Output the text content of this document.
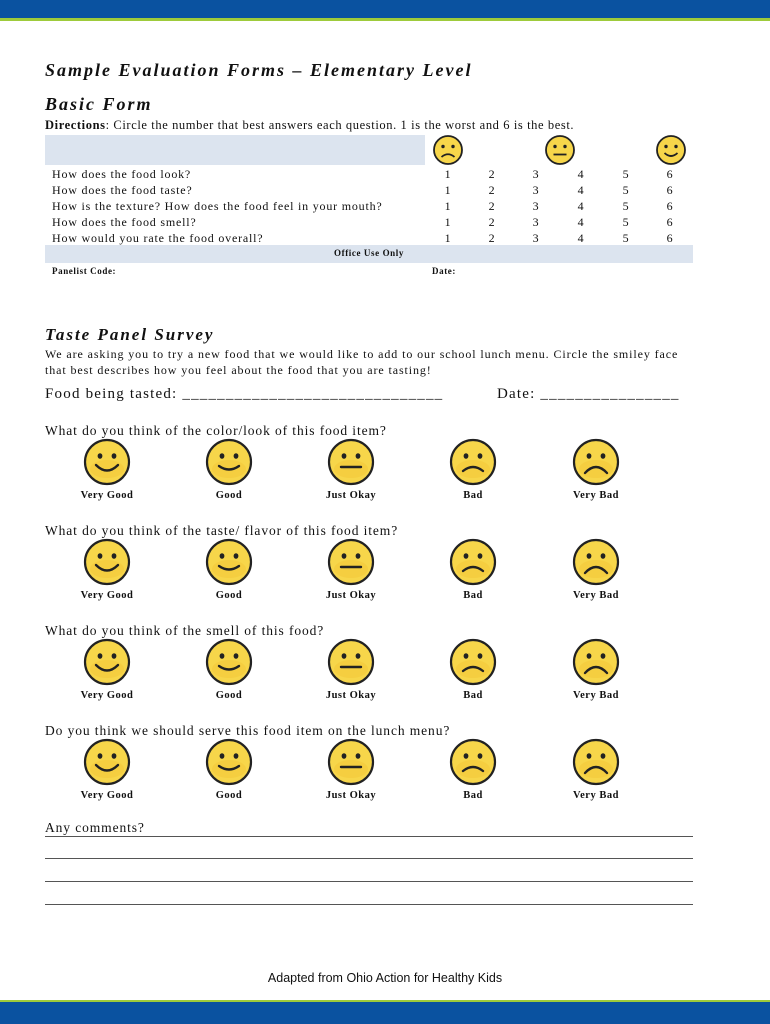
Sample Evaluation Forms – Elementary Level
Basic Form
Directions: Circle the number that best answers each question. 1 is the worst and 6 is the best.
How does the food look?	1	2	3	4	5	6
How does the food taste?	1	2	3	4	5	6
How is the texture? How does the food feel in your mouth?	1	2	3	4	5	6
How does the food smell?	1	2	3	4	5	6
How would you rate the food overall?	1	2	3	4	5	6
Office Use Only
Panelist Code:	Date:
Taste Panel Survey
We are asking you to try a new food that we would like to add to our school lunch menu. Circle the smiley face that best describes how you feel about the food that you are tasting!
Food being tasted: ______________________________	Date: ________________
What do you think of the color/look of this food item?
Very Good	Good	Just Okay	Bad	Very Bad
What do you think of the taste/ flavor of this food item?
Very Good	Good	Just Okay	Bad	Very Bad
What do you think of the smell of this food?
Very Good	Good	Just Okay	Bad	Very Bad
Do you think we should serve this food item on the lunch menu?
Very Good	Good	Just Okay	Bad	Very Bad
Any comments?
Adapted from Ohio Action for Healthy Kids
